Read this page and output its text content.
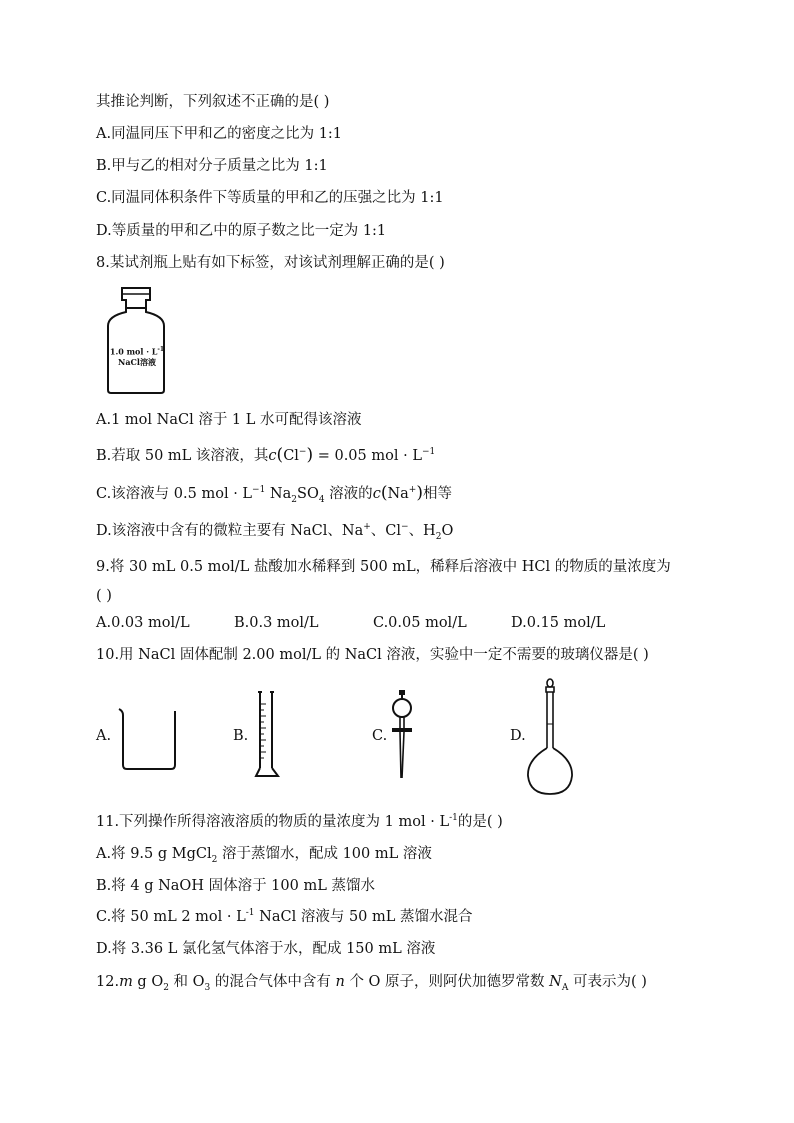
其推论判断，下列叙述不正确的是( )
A.同温同压下甲和乙的密度之比为 1:1
B.甲与乙的相对分子质量之比为 1:1
C.同温同体积条件下等质量的甲和乙的压强之比为 1:1
D.等质量的甲和乙中的原子数之比一定为 1:1
8.某试剂瓶上贴有如下标签，对该试剂理解正确的是( )
1.0 mol · $L^{-1}$
NaCl溶液
A.1 mol NaCl 溶于 1 L 水可配得该溶液
B.若取 50 mL 该溶液，其c(Cl−) = 0.05 mol · $L^{-1}$
C.该溶液与 0.5 mol · $L^{-1}$ $Na_2SO_4$ 溶液的c(Na+)相等
D.该溶液中含有的微粒主要有 NaCl、Na+、Cl−、$H_2O$
9.将 30 mL 0.5 mol/L 盐酸加水稀释到 500 mL，稀释后溶液中 HCl 的物质的量浓度为
( )
A.0.03 mol/L	B.0.3 mol/L	C.0.05 mol/L	D.0.15 mol/L
10.用 NaCl 固体配制 2.00 mol/L 的 NaCl 溶液，实验中一定不需要的玻璃仪器是( )
A.	B.	C.	D.
11.下列操作所得溶液溶质的物质的量浓度为 1 mol · $L^{-1}$的是( )
A.将 9.5 g MgCl$_2$ 溶于蒸馏水，配成 100 mL 溶液
B.将 4 g NaOH 固体溶于 100 mL 蒸馏水
C.将 50 mL 2 mol · $L^{-1}$ NaCl 溶液与 50 mL 蒸馏水混合
D.将 3.36 L 氯化氢气体溶于水，配成 150 mL 溶液
12.m g $O_2$ 和 $O_3$ 的混合气体中含有 n 个 O 原子，则阿伏加德罗常数 $N_A$ 可表示为( )
